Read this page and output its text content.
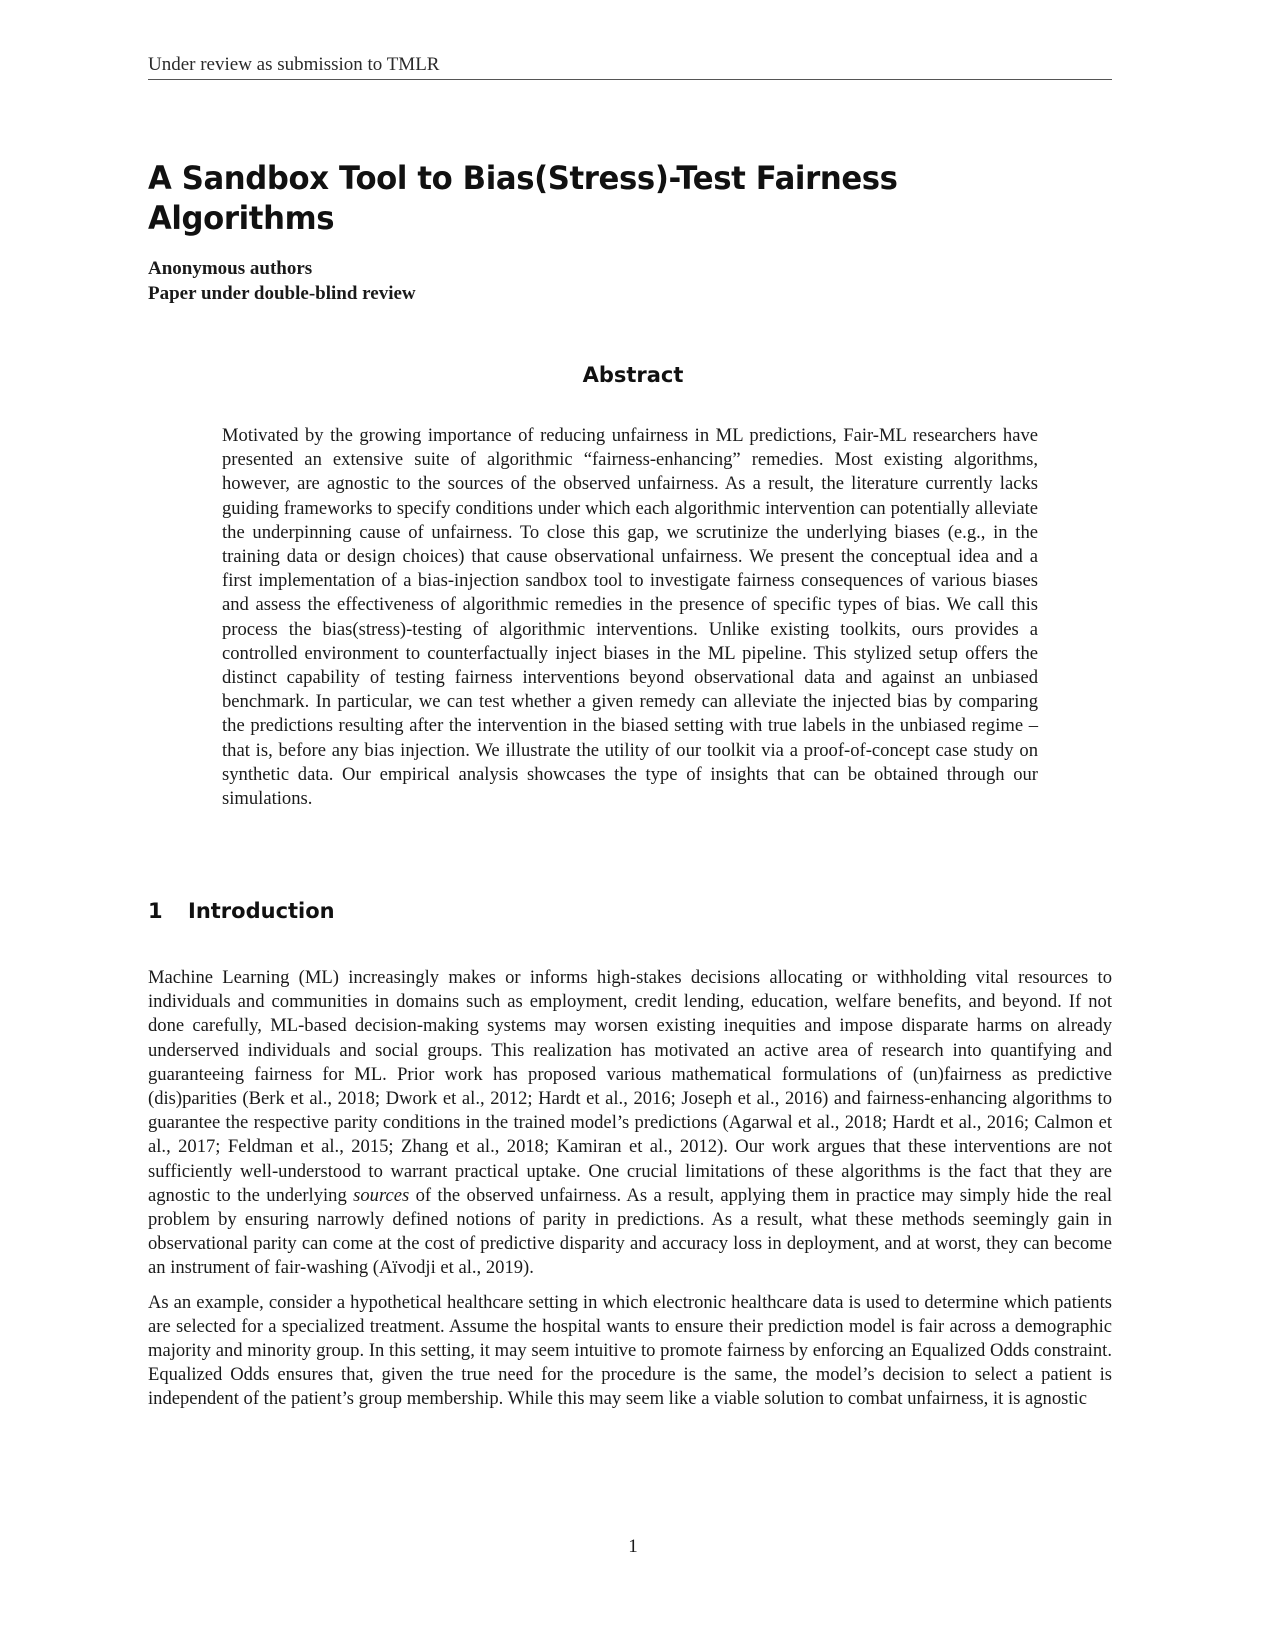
Under review as submission to TMLR
A Sandbox Tool to Bias(Stress)-Test Fairness Algorithms
Anonymous authors
Paper under double-blind review
Abstract
Motivated by the growing importance of reducing unfairness in ML predictions, Fair-ML researchers have presented an extensive suite of algorithmic “fairness-enhancing” remedies. Most existing algorithms, however, are agnostic to the sources of the observed unfairness. As a result, the literature currently lacks guiding frameworks to specify conditions under which each algorithmic intervention can potentially alleviate the underpinning cause of unfairness. To close this gap, we scrutinize the underlying biases (e.g., in the training data or design choices) that cause observational unfairness. We present the conceptual idea and a first implementation of a bias-injection sandbox tool to investigate fairness consequences of various biases and assess the effectiveness of algorithmic remedies in the presence of specific types of bias. We call this process the bias(stress)-testing of algorithmic interventions. Unlike existing toolkits, ours provides a controlled environment to counterfactually inject biases in the ML pipeline. This stylized setup offers the distinct capability of testing fairness interventions beyond observational data and against an unbiased benchmark. In particular, we can test whether a given remedy can alleviate the injected bias by comparing the predictions resulting after the intervention in the biased setting with true labels in the unbiased regime – that is, before any bias injection. We illustrate the utility of our toolkit via a proof-of-concept case study on synthetic data. Our empirical analysis showcases the type of insights that can be obtained through our simulations.
1 Introduction

Machine Learning (ML) increasingly makes or informs high-stakes decisions allocating or withholding vital resources to individuals and communities in domains such as employment, credit lending, education, welfare benefits, and beyond. If not done carefully, ML-based decision-making systems may worsen existing inequities and impose disparate harms on already underserved individuals and social groups. This realization has motivated an active area of research into quantifying and guaranteeing fairness for ML. Prior work has proposed various mathematical formulations of (un)fairness as predictive (dis)parities (Berk et al., 2018; Dwork et al., 2012; Hardt et al., 2016; Joseph et al., 2016) and fairness-enhancing algorithms to guarantee the respective parity conditions in the trained model’s predictions (Agarwal et al., 2018; Hardt et al., 2016; Calmon et al., 2017; Feldman et al., 2015; Zhang et al., 2018; Kamiran et al., 2012). Our work argues that these interventions are not sufficiently well-understood to warrant practical uptake. One crucial limitations of these algorithms is the fact that they are agnostic to the underlying sources of the observed unfairness. As a result, applying them in practice may simply hide the real problem by ensuring narrowly defined notions of parity in predictions. As a result, what these methods seemingly gain in observational parity can come at the cost of predictive disparity and accuracy loss in deployment, and at worst, they can become an instrument of fair-washing (Aïvodji et al., 2019).

As an example, consider a hypothetical healthcare setting in which electronic healthcare data is used to determine which patients are selected for a specialized treatment. Assume the hospital wants to ensure their prediction model is fair across a demographic majority and minority group. In this setting, it may seem intuitive to promote fairness by enforcing an Equalized Odds constraint. Equalized Odds ensures that, given the true need for the procedure is the same, the model’s decision to select a patient is independent of the patient’s group membership. While this may seem like a viable solution to combat unfairness, it is agnostic

1
